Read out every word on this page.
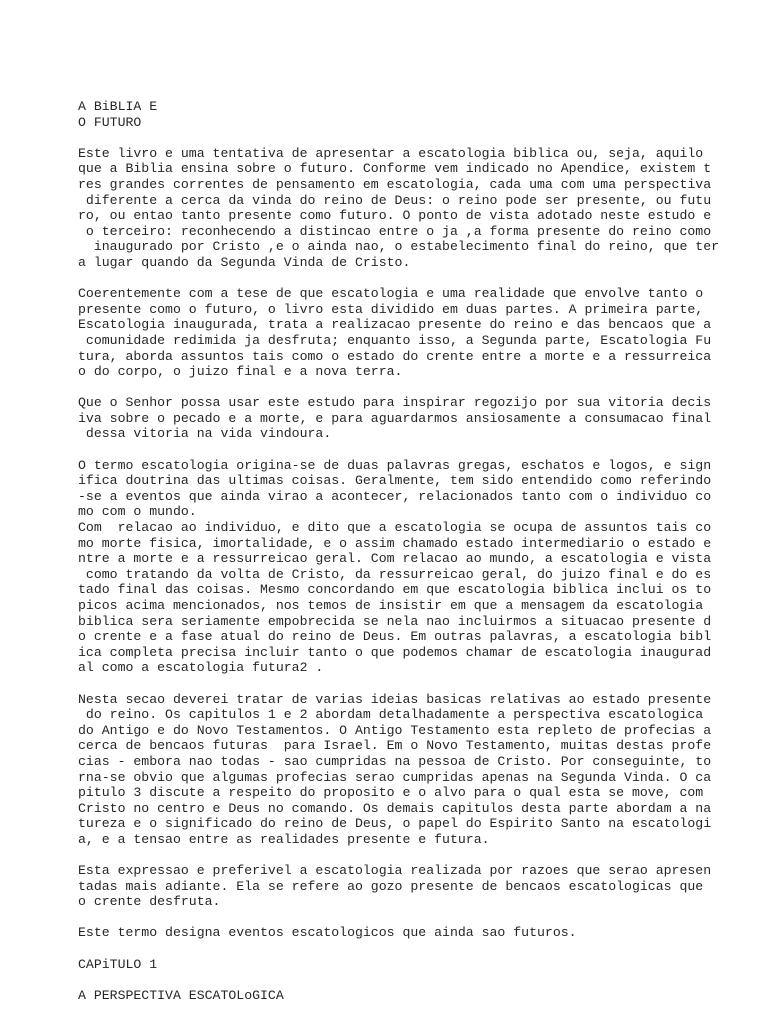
A BiBLIA E
O FUTURO
Este livro e uma tentativa de apresentar a escatologia biblica ou, seja, aquilo
que a Biblia ensina sobre o futuro. Conforme vem indicado no Apendice, existem t
res grandes correntes de pensamento em escatologia, cada uma com uma perspectiva
diferente a cerca da vinda do reino de Deus: o reino pode ser presente, ou futu
ro, ou entao tanto presente como futuro. O ponto de vista adotado neste estudo e
o terceiro: reconhecendo a distincao entre o ja ,a forma presente do reino como
inaugurado por Cristo ,e o ainda nao, o estabelecimento final do reino, que ter
a lugar quando da Segunda Vinda de Cristo.
Coerentemente com a tese de que escatologia e uma realidade que envolve tanto o
presente como o futuro, o livro esta dividido em duas partes. A primeira parte,
Escatologia inaugurada, trata a realizacao presente do reino e das bencaos que a
comunidade redimida ja desfruta; enquanto isso, a Segunda parte, Escatologia Fu
tura, aborda assuntos tais como o estado do crente entre a morte e a ressurreica
o do corpo, o juizo final e a nova terra.
Que o Senhor possa usar este estudo para inspirar regozijo por sua vitoria decis
iva sobre o pecado e a morte, e para aguardarmos ansiosamente a consumacao final
dessa vitoria na vida vindoura.
O termo escatologia origina-se de duas palavras gregas, eschatos e logos, e sign
ifica doutrina das ultimas coisas. Geralmente, tem sido entendido como referindo
-se a eventos que ainda virao a acontecer, relacionados tanto com o individuo co
mo com o mundo.
Com  relacao ao individuo, e dito que a escatologia se ocupa de assuntos tais co
mo morte fisica, imortalidade, e o assim chamado estado intermediario o estado e
ntre a morte e a ressurreicao geral. Com relacao ao mundo, a escatologia e vista
como tratando da volta de Cristo, da ressurreicao geral, do juizo final e do es
tado final das coisas. Mesmo concordando em que escatologia biblica inclui os to
picos acima mencionados, nos temos de insistir em que a mensagem da escatologia
biblica sera seriamente empobrecida se nela nao incluirmos a situacao presente d
o crente e a fase atual do reino de Deus. Em outras palavras, a escatologia bibl
ica completa precisa incluir tanto o que podemos chamar de escatologia inaugurad
al como a escatologia futura2 .
Nesta secao deverei tratar de varias ideias basicas relativas ao estado presente
do reino. Os capitulos 1 e 2 abordam detalhadamente a perspectiva escatologica
do Antigo e do Novo Testamentos. O Antigo Testamento esta repleto de profecias a
cerca de bencaos futuras  para Israel. Em o Novo Testamento, muitas destas profe
cias - embora nao todas - sao cumpridas na pessoa de Cristo. Por conseguinte, to
rna-se obvio que algumas profecias serao cumpridas apenas na Segunda Vinda. O ca
pitulo 3 discute a respeito do proposito e o alvo para o qual esta se move, com
Cristo no centro e Deus no comando. Os demais capitulos desta parte abordam a na
tureza e o significado do reino de Deus, o papel do Espirito Santo na escatologi
a, e a tensao entre as realidades presente e futura.
Esta expressao e preferivel a escatologia realizada por razoes que serao apresen
tadas mais adiante. Ela se refere ao gozo presente de bencaos escatologicas que
o crente desfruta.
Este termo designa eventos escatologicos que ainda sao futuros.
CAPiTULO 1
A PERSPECTIVA ESCATOLoGICA
